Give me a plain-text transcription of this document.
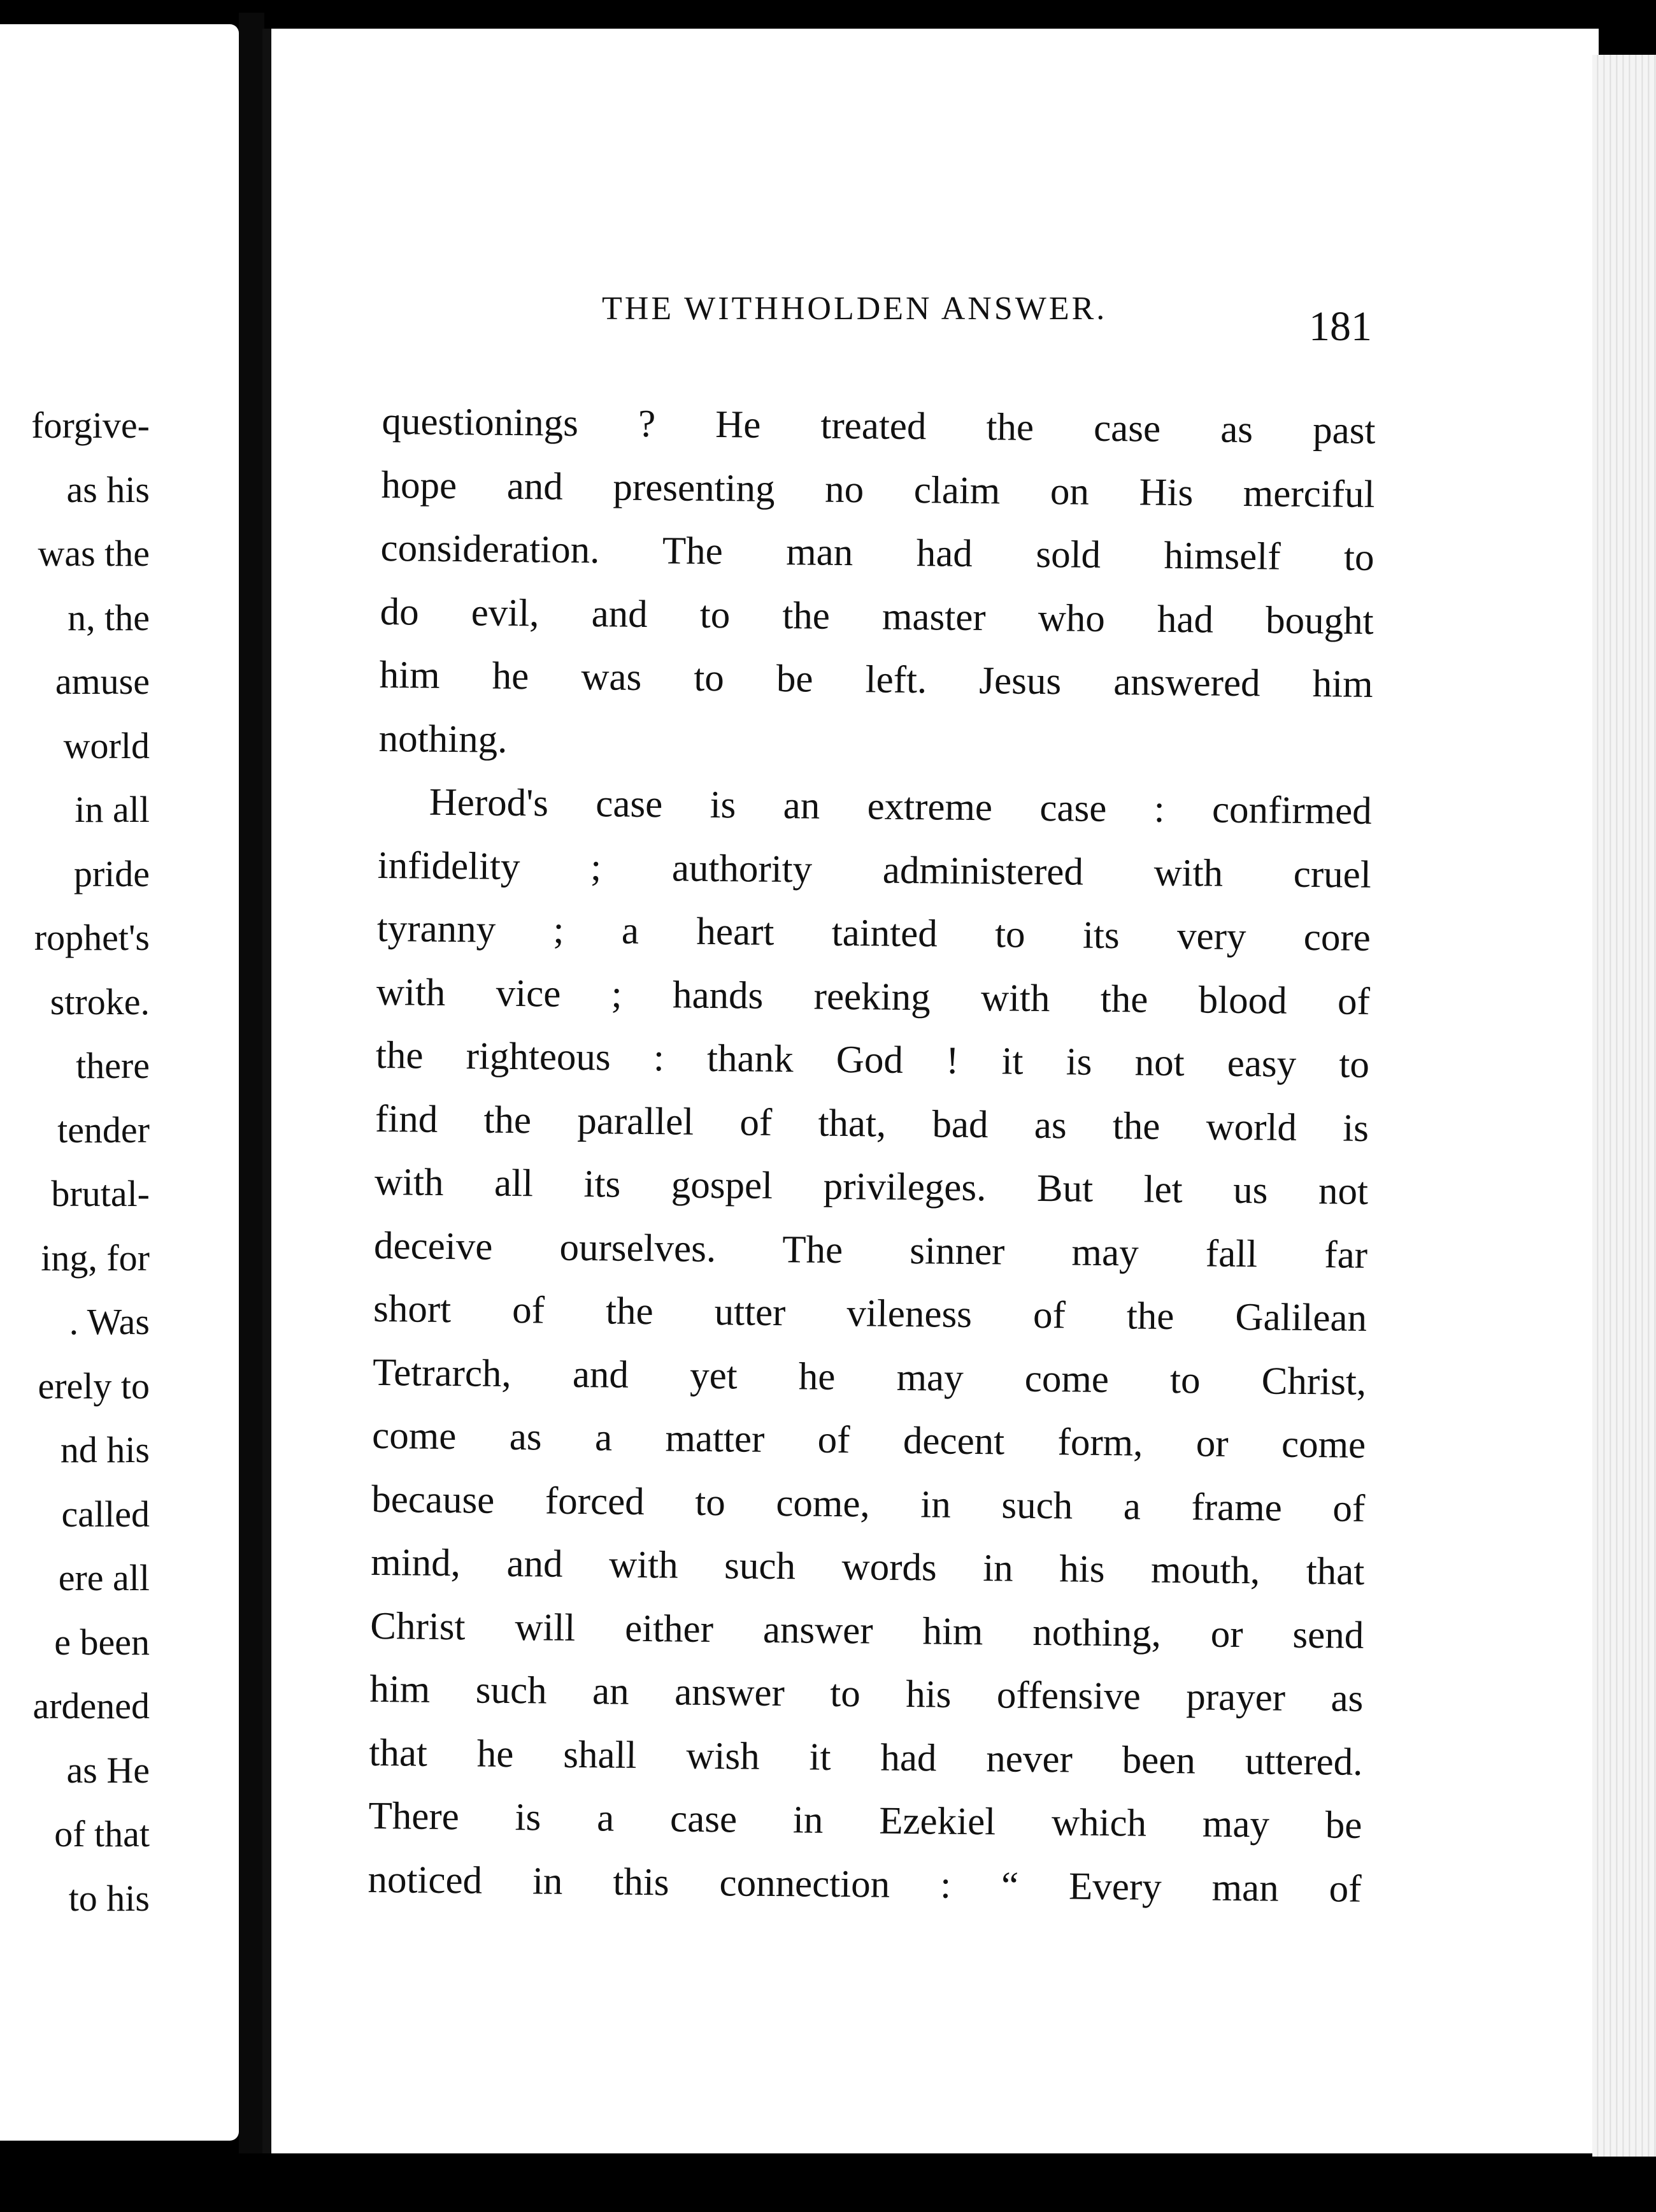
forgive-
as his
was the
n, the
amuse
world
in all
pride
rophet's
stroke.
there
tender
brutal-
ing, for
. Was
erely to
nd his
called
ere all
e been
ardened
as He
of that
to his
THE WITHHOLDEN ANSWER.	181
questionings ? He treated the case as past
hope and presenting no claim on His merciful
consideration. The man had sold himself to
do evil, and to the master who had bought
him he was to be left. Jesus answered him
nothing.
Herod's case is an extreme case : confirmed
infidelity ; authority administered with cruel
tyranny ; a heart tainted to its very core
with vice ; hands reeking with the blood of
the righteous : thank God ! it is not easy to
find the parallel of that, bad as the world is
with all its gospel privileges. But let us not
deceive ourselves. The sinner may fall far
short of the utter vileness of the Galilean
Tetrarch, and yet he may come to Christ,
come as a matter of decent form, or come
because forced to come, in such a frame of
mind, and with such words in his mouth, that
Christ will either answer him nothing, or send
him such an answer to his offensive prayer as
that he shall wish it had never been uttered.
There is a case in Ezekiel which may be
noticed in this connection : “ Every man of
